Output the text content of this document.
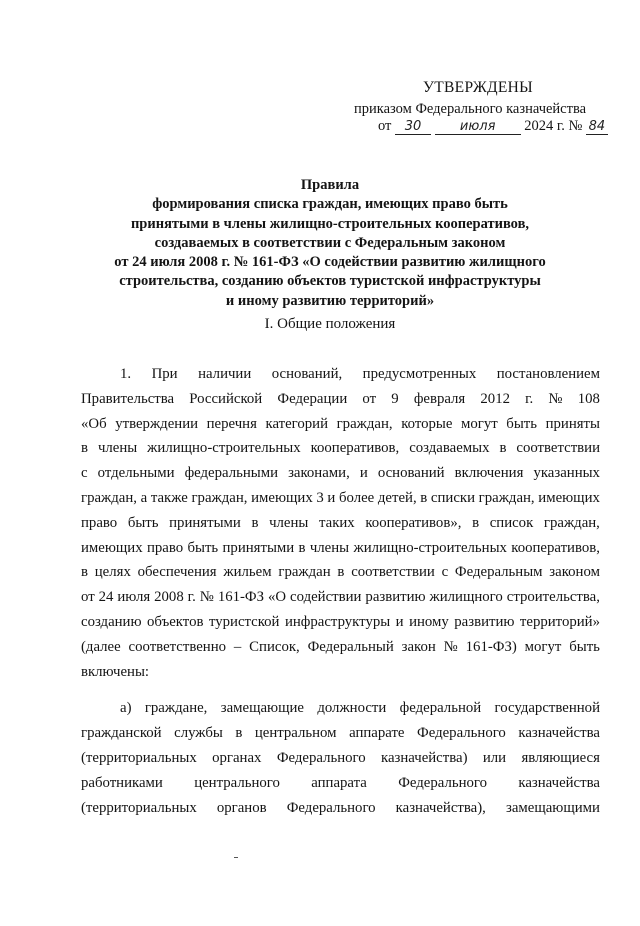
УТВЕРЖДЕНЫ
приказом Федерального казначейства
от 30	июля 2024 г. № 84
Правила
формирования списка граждан, имеющих право быть
принятыми в члены жилищно-строительных кооперативов,
создаваемых в соответствии с Федеральным законом
от 24 июля 2008 г. № 161-ФЗ «О содействии развитию жилищного
строительства, созданию объектов туристской инфраструктуры
и иному развитию территорий»
I. Общие положения
1. При наличии оснований, предусмотренных постановлением
Правительства Российской Федерации от 9 февраля 2012 г. № 108
«Об утверждении перечня категорий граждан, которые могут быть приняты
в члены жилищно-строительных кооперативов, создаваемых в соответствии
с отдельными федеральными законами, и оснований включения указанных
граждан, а также граждан, имеющих 3 и более детей, в списки граждан, имеющих
право быть принятыми в члены таких кооперативов», в список граждан,
имеющих право быть принятыми в члены жилищно-строительных кооперативов,
в целях обеспечения жильем граждан в соответствии с Федеральным законом
от 24 июля 2008 г. № 161-ФЗ «О содействии развитию жилищного строительства,
созданию объектов туристской инфраструктуры и иному развитию территорий»
(далее соответственно – Список, Федеральный закон № 161-ФЗ) могут быть
включены:
а) граждане, замещающие должности федеральной государственной
гражданской службы в центральном аппарате Федерального казначейства
(территориальных органах Федерального казначейства) или являющиеся
работниками центрального аппарата Федерального казначейства
(территориальных органов Федерального казначейства), замещающими
